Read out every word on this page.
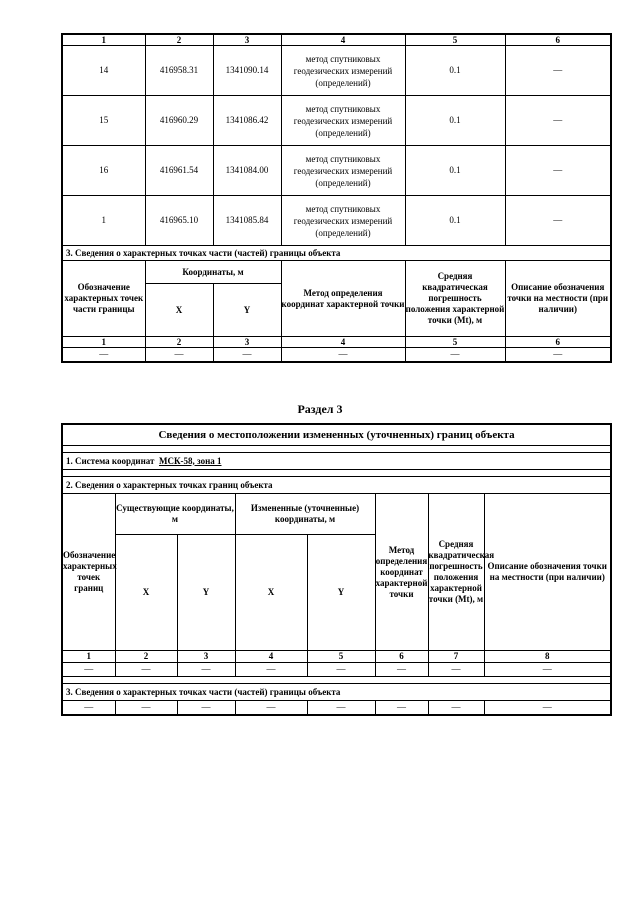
1	2	3	4	5	6
14	416958.31	1341090.14	метод спутниковых геодезических измерений (определений)	0.1	—
15	416960.29	1341086.42	метод спутниковых геодезических измерений (определений)	0.1	—
16	416961.54	1341084.00	метод спутниковых геодезических измерений (определений)	0.1	—
1	416965.10	1341085.84	метод спутниковых геодезических измерений (определений)	0.1	—
3. Сведения о характерных точках части (частей) границы объекта					
Обозначение характерных точек части границы	Координаты, м		Метод определения координат характерной точки	Средняя квадратическая погрешность положения характерной точки (Mt), м	Описание обозначения точки на местности (при наличии)
	X	Y			
1	2	3	4	5	6
—	—	—	—	—	—
Раздел 3
Сведения о местоположении измененных (уточненных) границ объекта							

1. Система координат МСК-58, зона 1							

2. Сведения о характерных точках границ объекта							
Обозначение характерных точек границ	Существующие координаты, м		Измененные (уточненные) координаты, м		Метод определения координат характерной точки	Средняя квадратическая погрешность положения характерной точки (Mt), м	Описание обозначения точки на местности (при наличии)
	X	Y	X	Y			
1	2	3	4	5	6	7	8
—	—	—	—	—	—	—	—

3. Сведения о характерных точках части (частей) границы объекта							
—	—	—	—	—	—	—	—
